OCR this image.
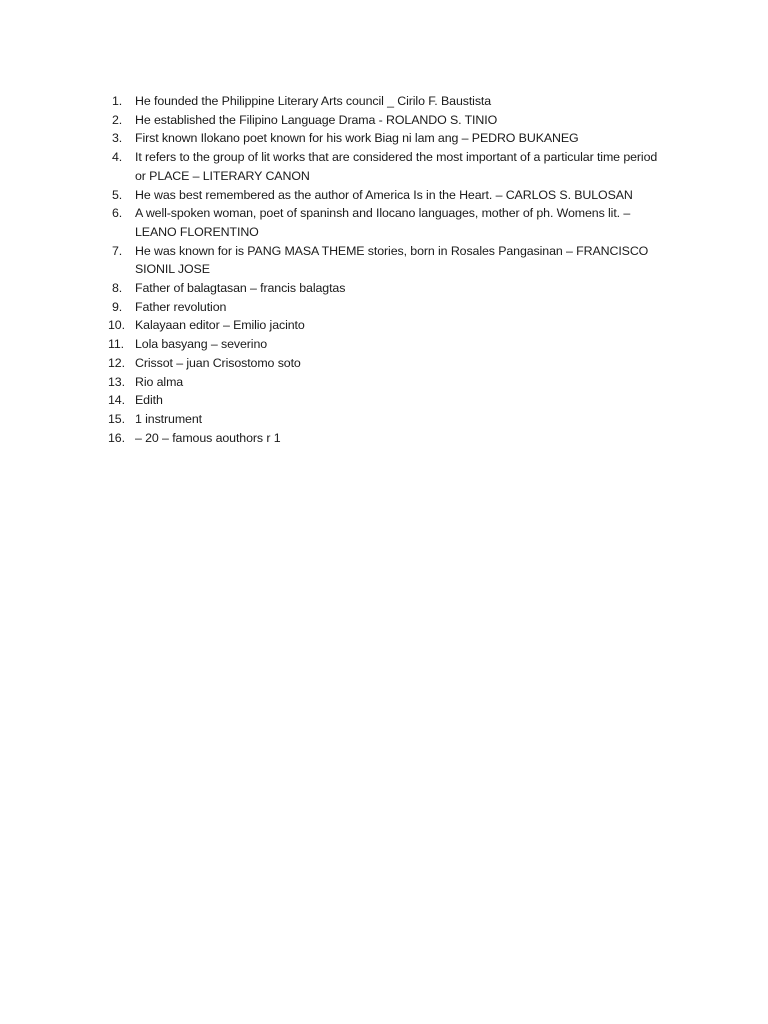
1.	He founded the Philippine Literary Arts council _ Cirilo F. Baustista
2.	He established the Filipino Language Drama - ROLANDO S. TINIO
3.	First known Ilokano poet known for his work Biag ni lam ang – PEDRO BUKANEG
4.	It refers to the group of lit works that are considered the most important of a particular time period or PLACE – LITERARY CANON
5.	He was best remembered as the author of America Is in the Heart. – CARLOS S. BULOSAN
6.	A well-spoken woman, poet of spaninsh and Ilocano languages, mother of ph. Womens lit. – LEANO FLORENTINO
7.	He was known for is PANG MASA THEME stories, born in Rosales Pangasinan – FRANCISCO SIONIL JOSE
8.	Father of balagtasan – francis balagtas
9.	Father revolution
10. Kalayaan editor – Emilio jacinto
11. Lola basyang – severino
12. Crissot – juan Crisostomo soto
13. Rio alma
14. Edith
15. 1 instrument
16. – 20 – famous aouthors r 1
